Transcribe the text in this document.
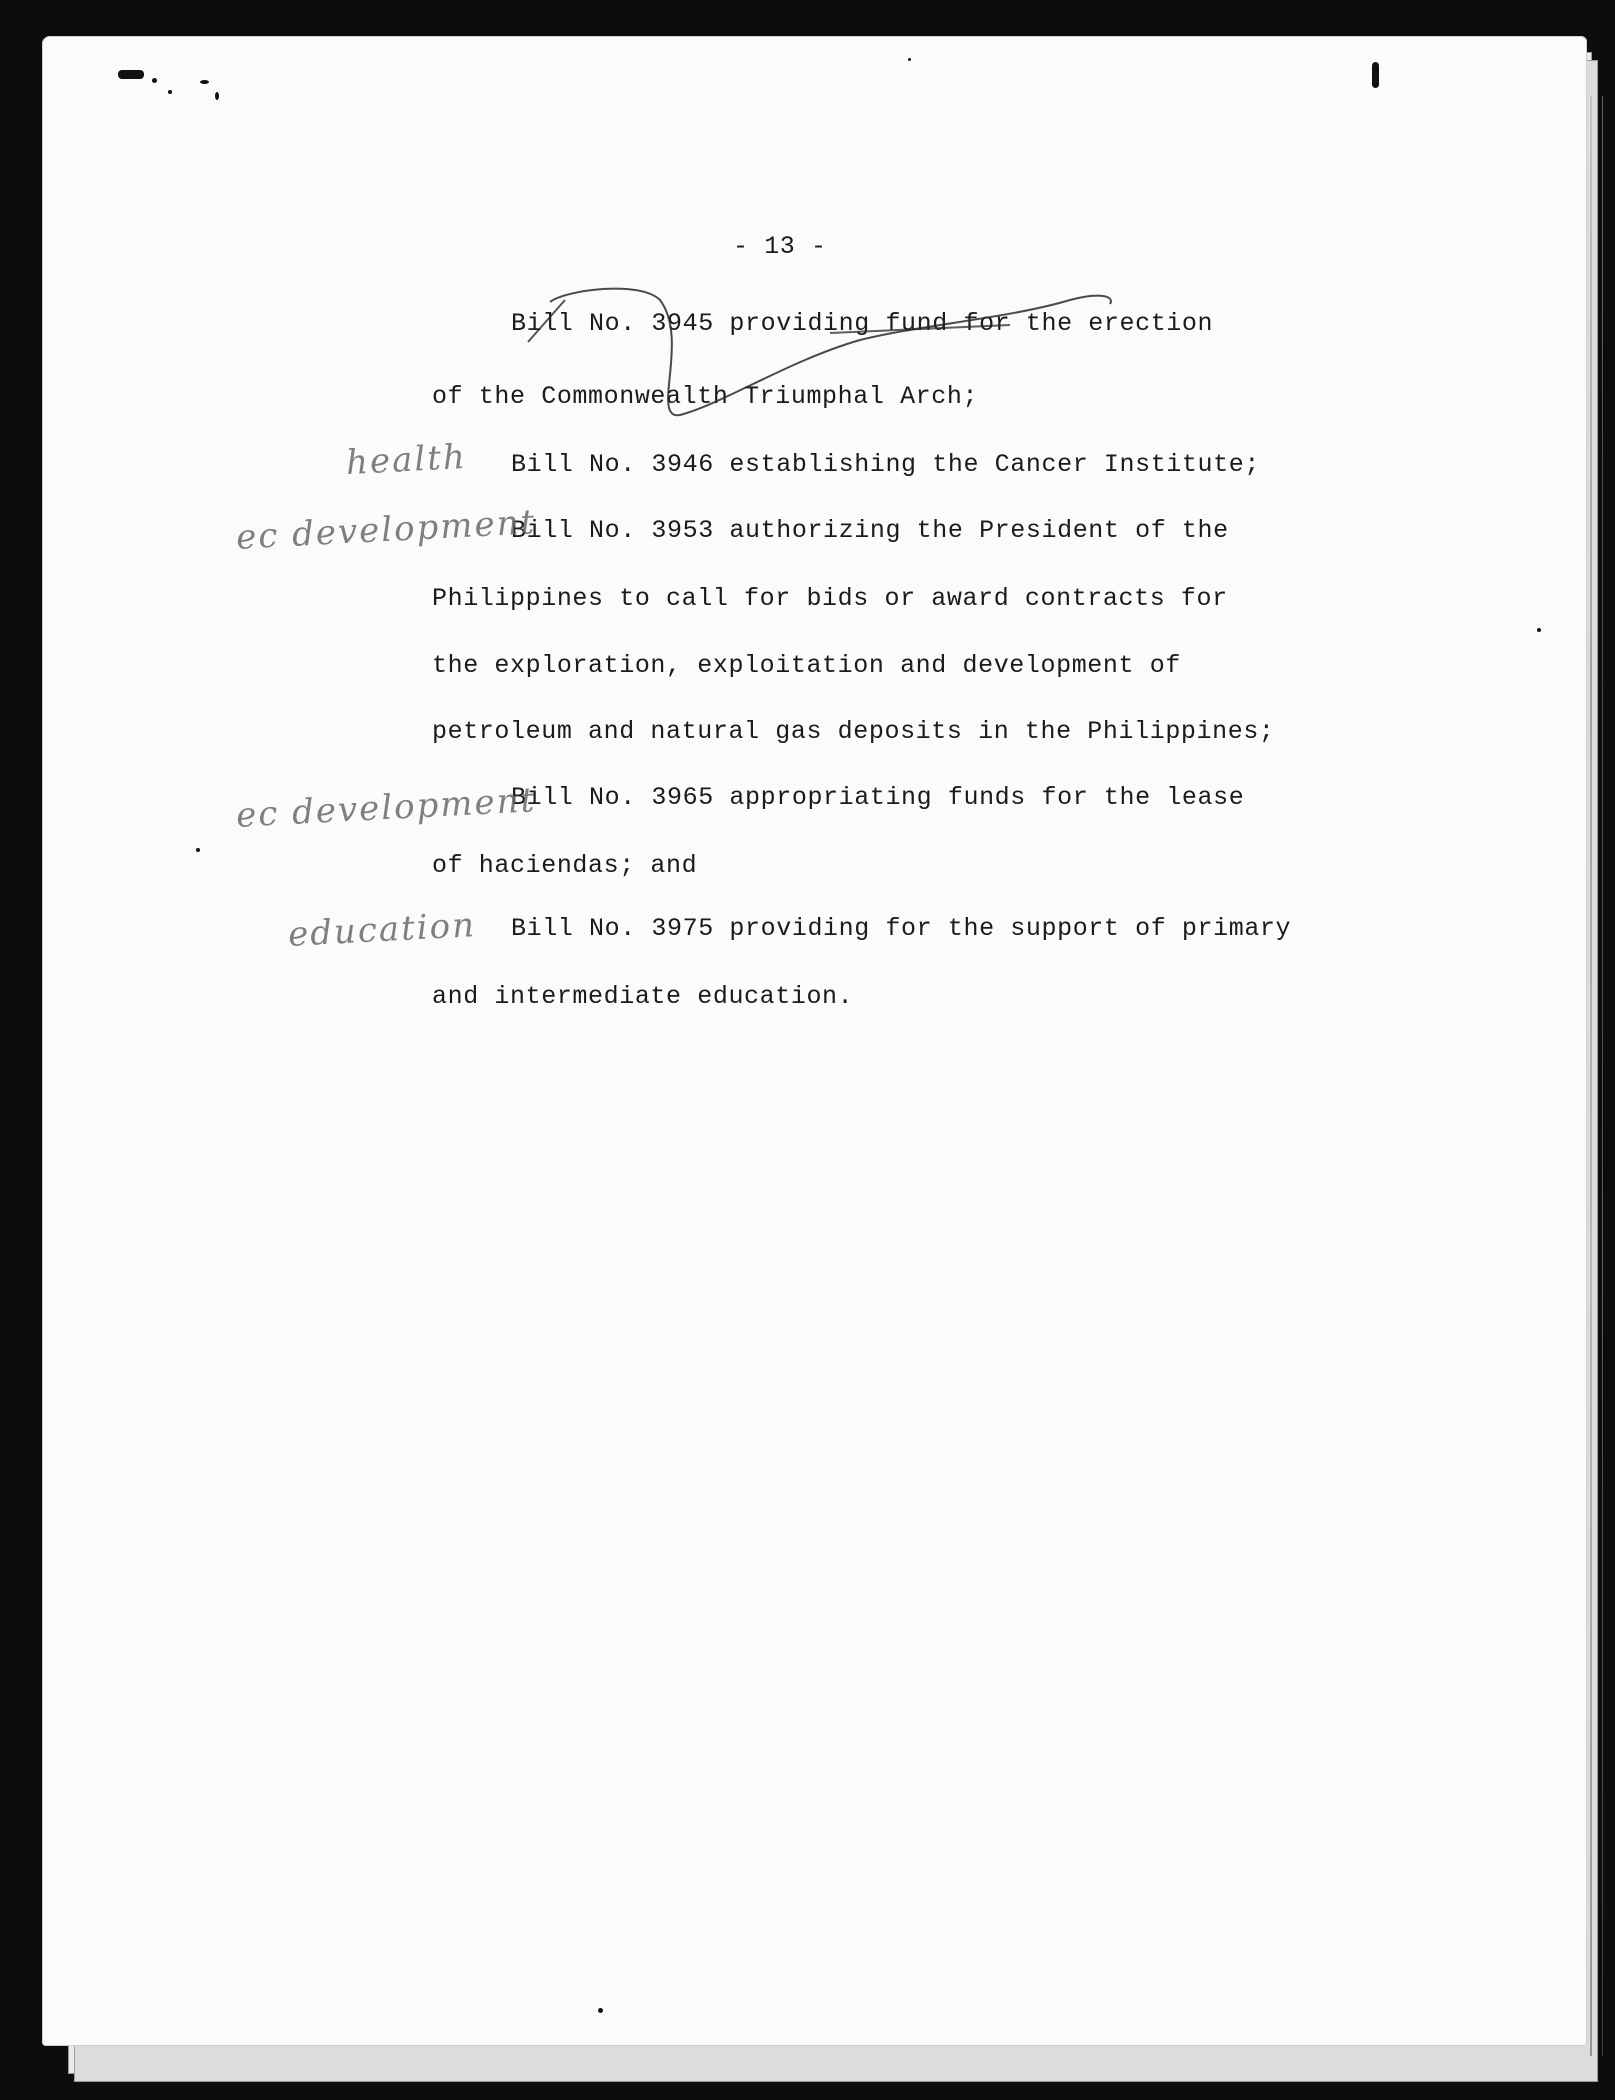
- 13 -
Bill No. 3945 providing fund for the erection
of the Commonwealth Triumphal Arch;
Bill No. 3946 establishing the Cancer Institute;
Bill No. 3953 authorizing the President of the
Philippines to call for bids or award contracts for
the exploration, exploitation and development of
petroleum and natural gas deposits in the Philippines;
Bill No. 3965 appropriating funds for the lease
of haciendas; and
Bill No. 3975 providing for the support of primary
and intermediate education.
health
ec development
ec development
education
